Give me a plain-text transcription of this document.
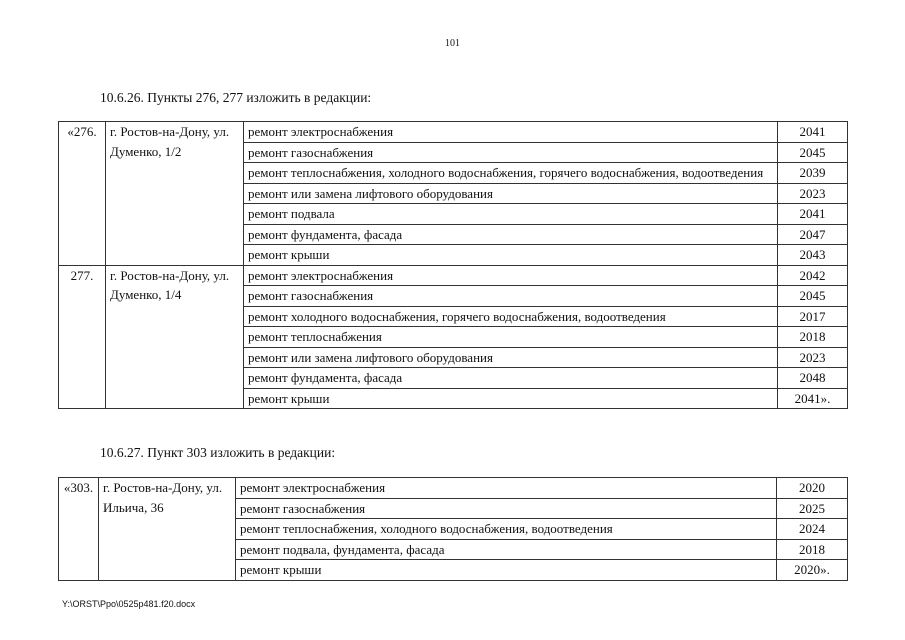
101
10.6.26. Пункты 276, 277 изложить в редакции:
«276.	г. Ростов-на-Дону, ул. Думенко, 1/2	ремонт электроснабжения	2041
		ремонт газоснабжения	2045
		ремонт теплоснабжения, холодного водоснабжения, горячего водоснабжения, водоотведения	2039
		ремонт или замена лифтового оборудования	2023
		ремонт подвала	2041
		ремонт фундамента, фасада	2047
		ремонт крыши	2043
277.	г. Ростов-на-Дону, ул. Думенко, 1/4	ремонт электроснабжения	2042
		ремонт газоснабжения	2045
		ремонт холодного водоснабжения, горячего водоснабжения, водоотведения	2017
		ремонт теплоснабжения	2018
		ремонт или замена лифтового оборудования	2023
		ремонт фундамента, фасада	2048
		ремонт крыши	2041».
10.6.27. Пункт 303 изложить в редакции:
«303.	г. Ростов-на-Дону, ул. Ильича, 36	ремонт электроснабжения	2020
		ремонт газоснабжения	2025
		ремонт теплоснабжения, холодного водоснабжения, водоотведения	2024
		ремонт подвала, фундамента, фасада	2018
		ремонт крыши	2020».
Y:\ORST\Ppo\0525p481.f20.docx
